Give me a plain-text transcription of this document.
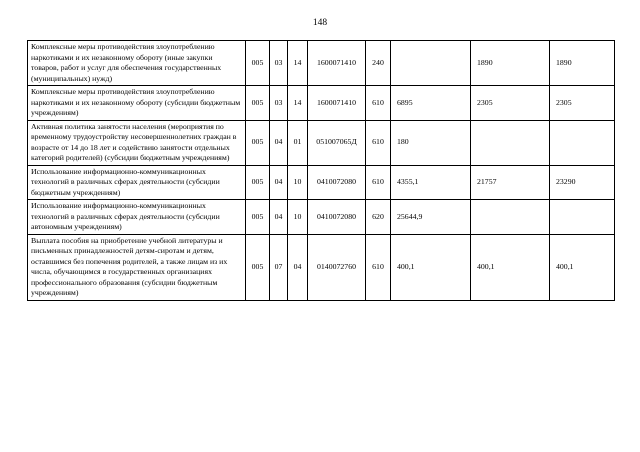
148
Комплексные меры противодействия злоупотреблению наркотиками и их незаконному обороту (иные закупки товаров, работ и услуг для обеспечения государственных (муниципальных) нужд)	005	03	14	1600071410	240		1890	1890
Комплексные меры противодействия злоупотреблению наркотиками и их незаконному обороту (субсидии бюджетным учреждениям)	005	03	14	1600071410	610	6895	2305	2305
Активная политика занятости населения (мероприятия по временному трудоустройству несовершеннолетних граждан в возрасте от 14 до 18 лет и содействию занятости отдельных категорий родителей) (субсидии бюджетным учреждениям)	005	04	01	051007065Д	610	180		
Использование информационно-коммуникационных технологий в различных сферах деятельности (субсидии бюджетным учреждениям)	005	04	10	0410072080	610	4355,1	21757	23290
Использование информационно-коммуникационных технологий в различных сферах деятельности (субсидии автономным учреждениям)	005	04	10	0410072080	620	25644,9		
Выплата пособия на приобретение учебной литературы и письменных принадлежностей детям-сиротам и детям, оставшимся без попечения родителей, а также лицам из их числа, обучающимся в государственных организациях профессионального образования (субсидии бюджетным учреждениям)	005	07	04	0140072760	610	400,1	400,1	400,1
